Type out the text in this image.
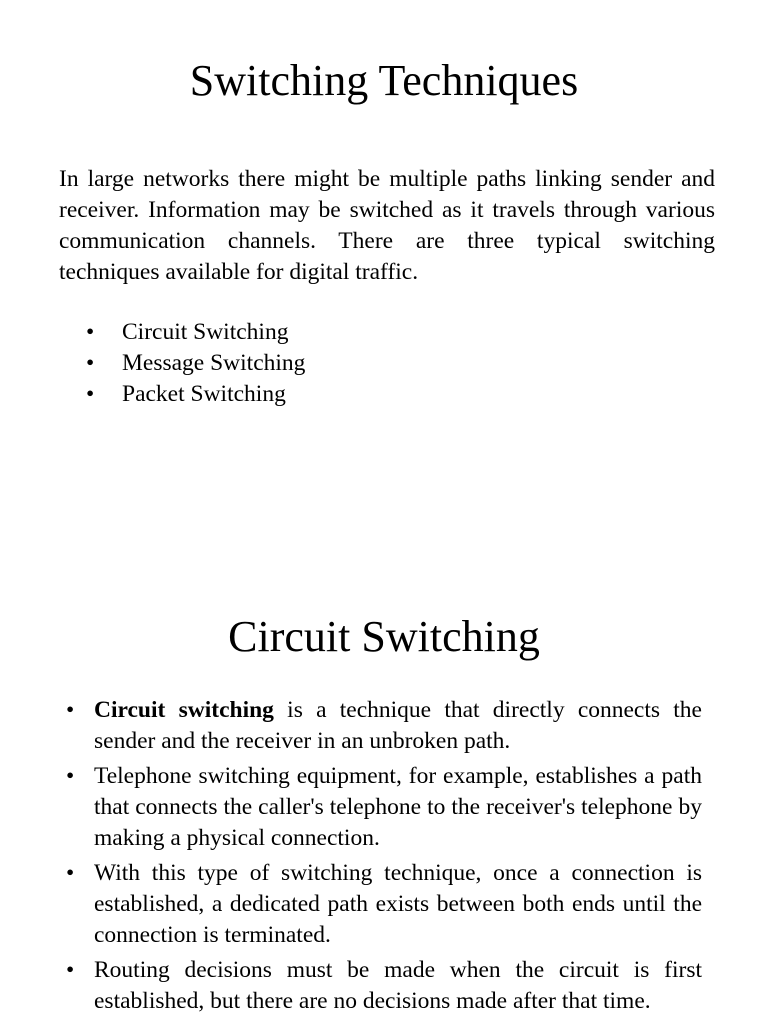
Switching Techniques

In large networks there might be multiple paths linking sender and receiver. Information may be switched as it travels through various communication channels. There are three typical switching techniques available for digital traffic.

• Circuit Switching
• Message Switching
• Packet Switching
Circuit Switching
• Circuit switching is a technique that directly connects the sender and the receiver in an unbroken path.
• Telephone switching equipment, for example, establishes a path that connects the caller's telephone to the receiver's telephone by making a physical connection.
• With this type of switching technique, once a connection is established, a dedicated path exists between both ends until the connection is terminated.
• Routing decisions must be made when the circuit is first established, but there are no decisions made after that time.
